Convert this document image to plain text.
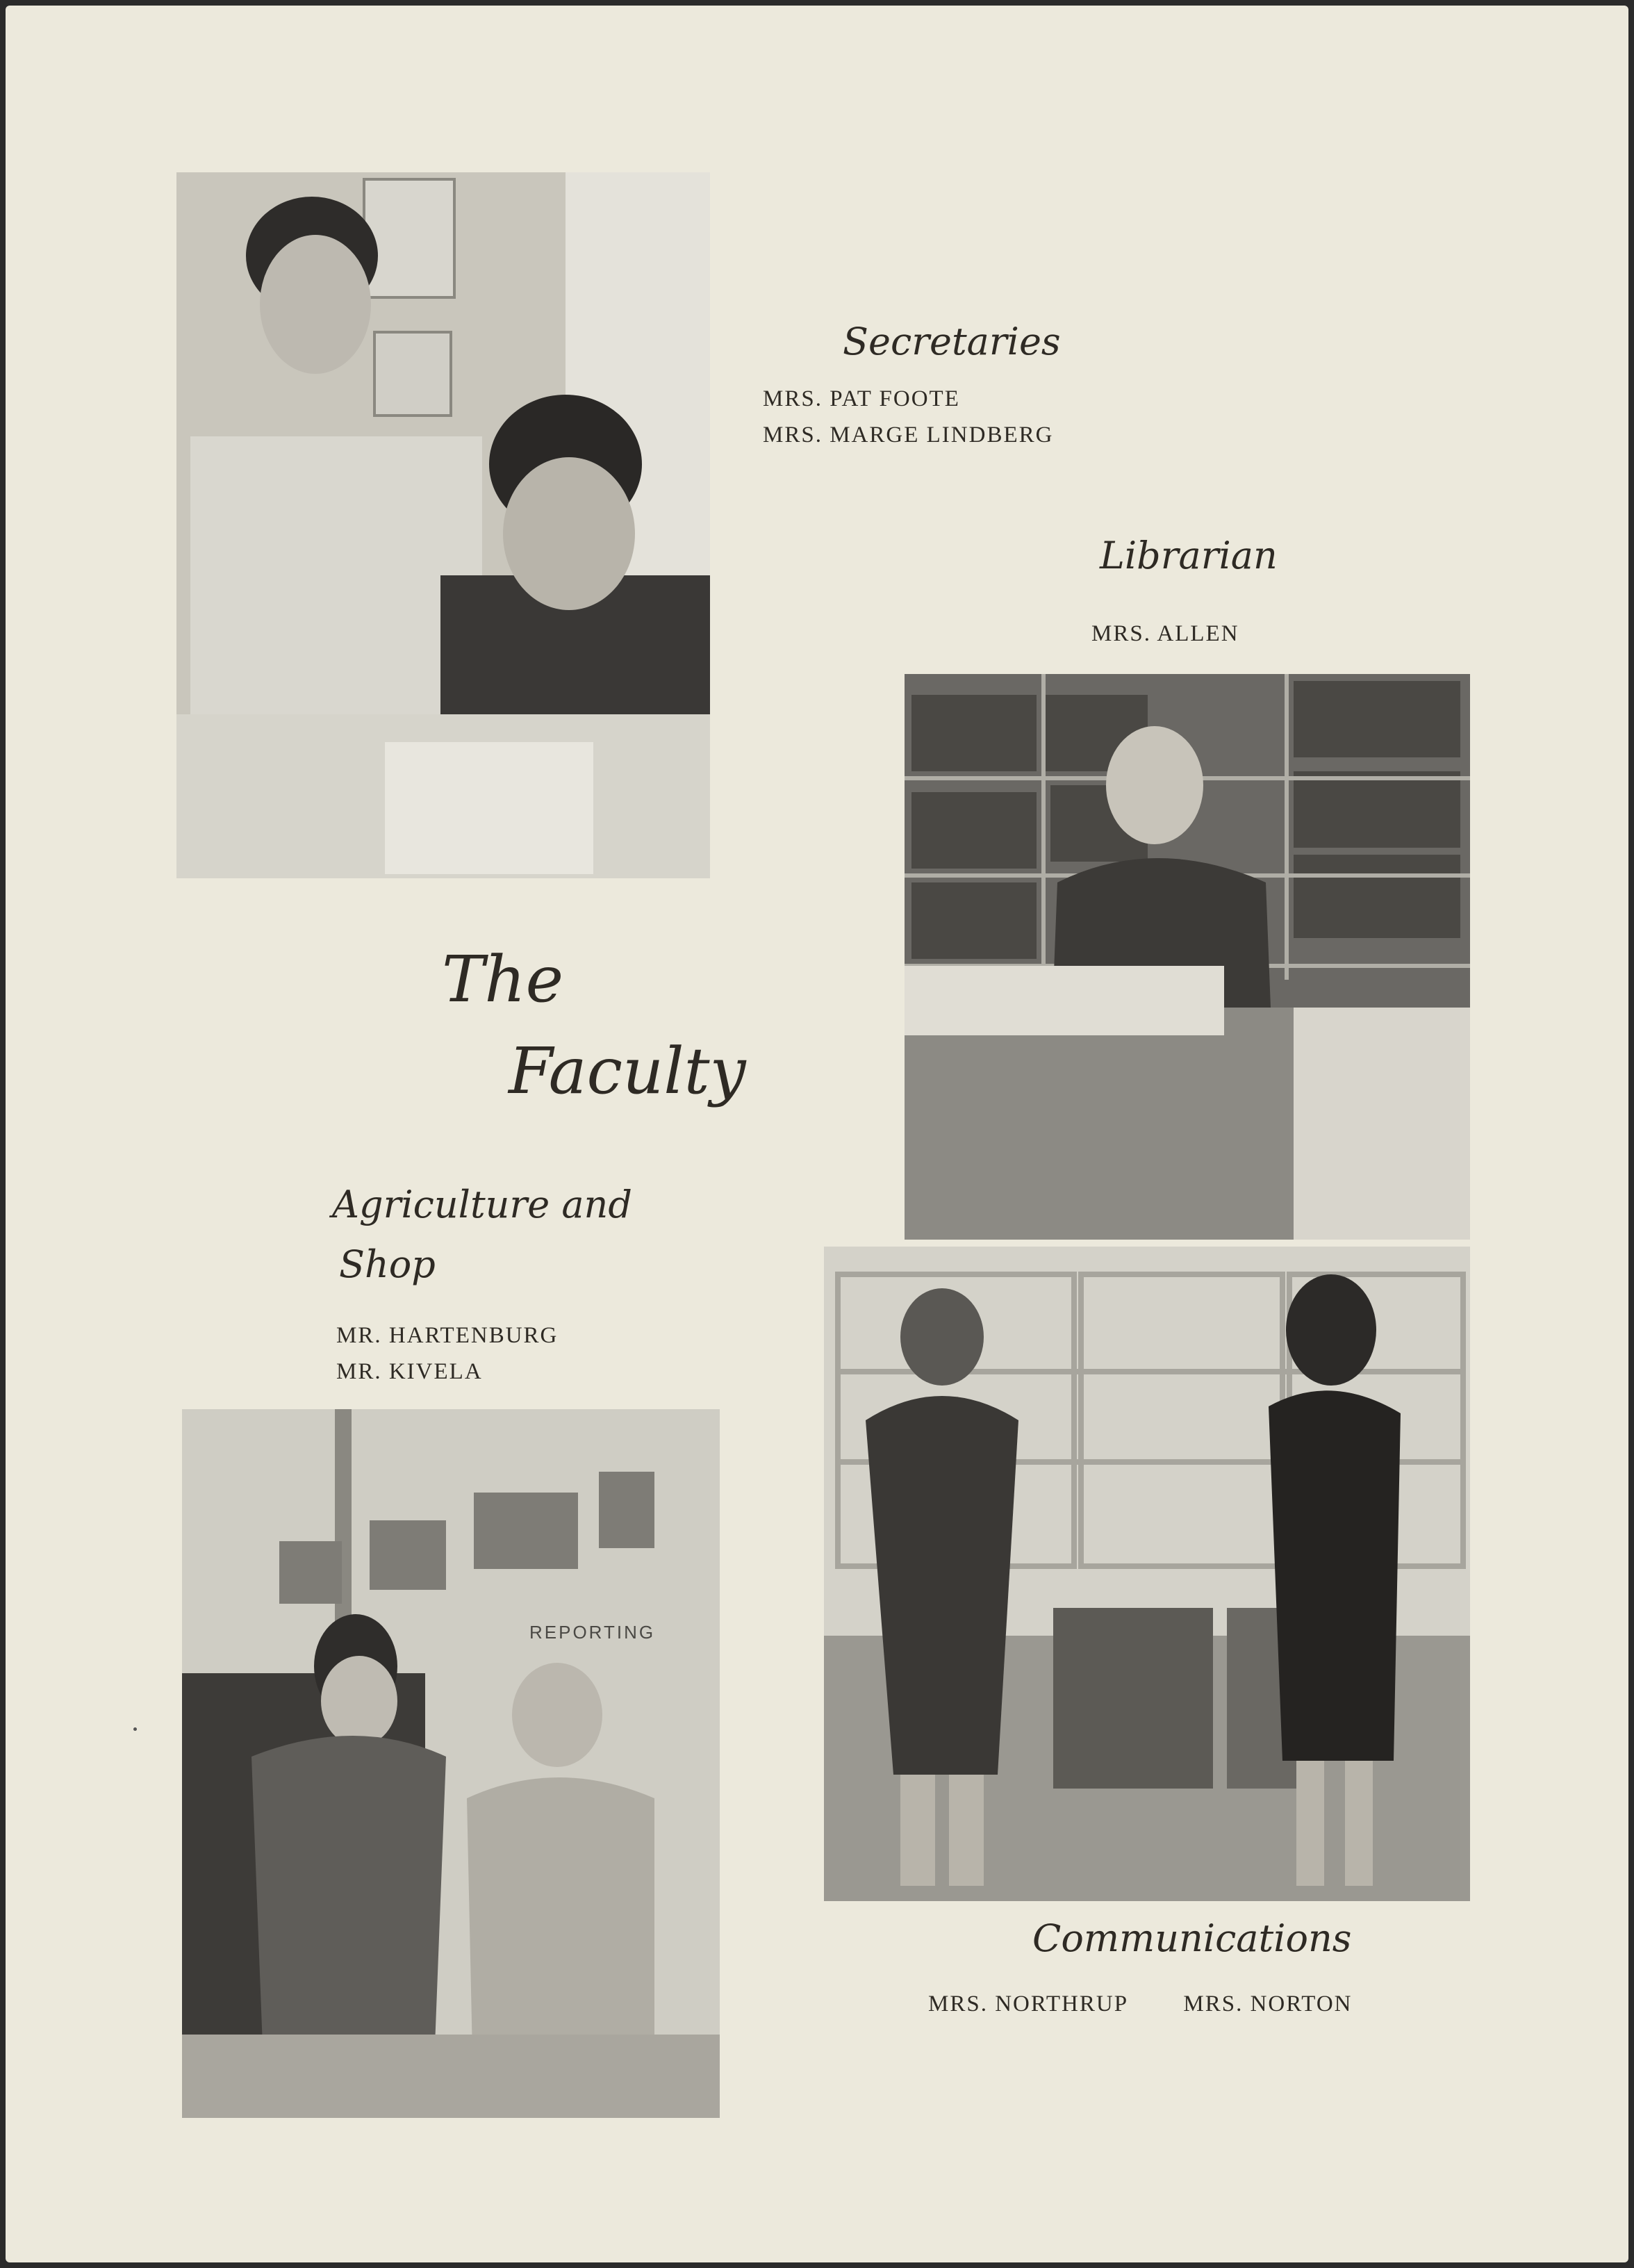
Secretaries
MRS. PAT FOOTE
MRS. MARGE LINDBERG
Librarian
MRS. ALLEN
The
Faculty
Agriculture and
Shop
MR. HARTENBURG
MR. KIVELA
REPORTING
Communications
MRS. NORTHRUP MRS. NORTON
